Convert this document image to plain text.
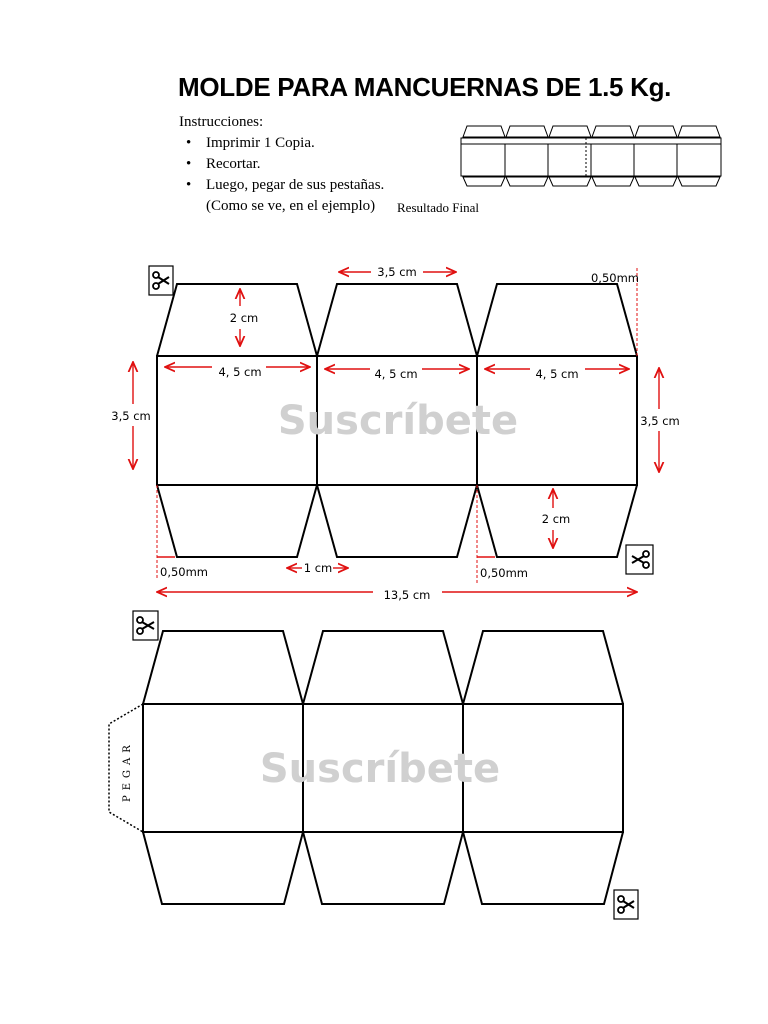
MOLDE PARA MANCUERNAS DE 1.5 Kg.
Instrucciones:
• Imprimir 1 Copia.
• Recortar.
• Luego, pegar de sus pestañas. (Como se ve, en el ejemplo)	Resultado Final
Suscríbete
3,5 cm
2 cm
4, 5 cm	4, 5 cm	4, 5 cm
3,5 cm	3,5 cm
2 cm
0,50mm
0,50mm	0,50mm
1 cm
13,5 cm
PEGAR	Suscríbete
